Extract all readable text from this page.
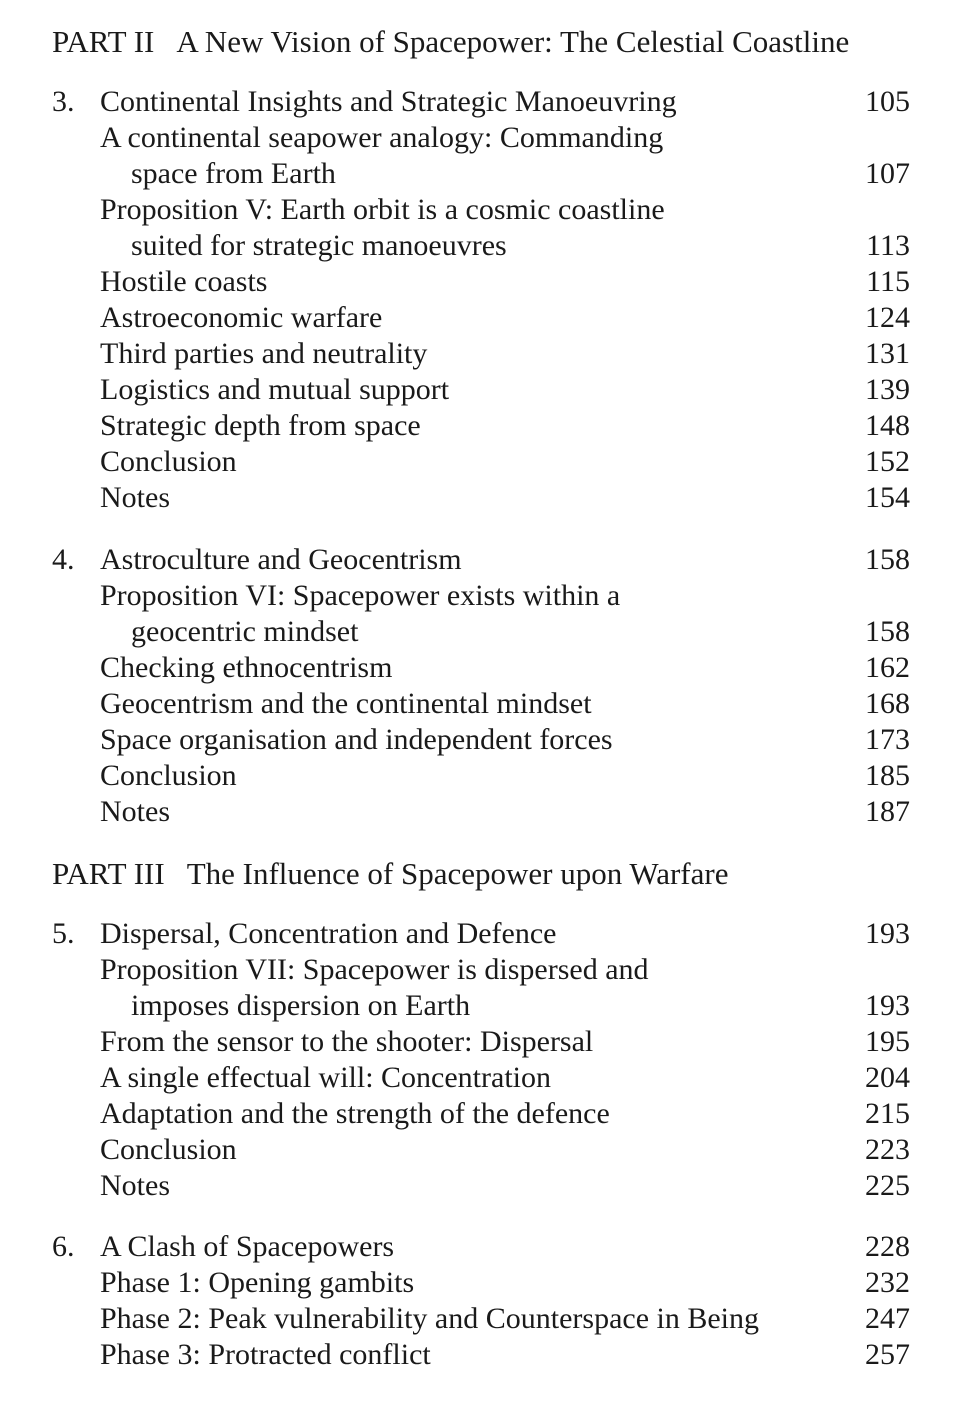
PART II A New Vision of Spacepower: The Celestial Coastline
3. Continental Insights and Strategic Manoeuvring	105
A continental seapower analogy: Commanding
space from Earth	107
Proposition V: Earth orbit is a cosmic coastline
suited for strategic manoeuvres	113
Hostile coasts	115
Astroeconomic warfare	124
Third parties and neutrality	131
Logistics and mutual support	139
Strategic depth from space	148
Conclusion	152
Notes	154
4. Astroculture and Geocentrism	158
Proposition VI: Spacepower exists within a
geocentric mindset	158
Checking ethnocentrism	162
Geocentrism and the continental mindset	168
Space organisation and independent forces	173
Conclusion	185
Notes	187
PART III The Influence of Spacepower upon Warfare
5. Dispersal, Concentration and Defence	193
Proposition VII: Spacepower is dispersed and
imposes dispersion on Earth	193
From the sensor to the shooter: Dispersal	195
A single effectual will: Concentration	204
Adaptation and the strength of the defence	215
Conclusion	223
Notes	225
6. A Clash of Spacepowers	228
Phase 1: Opening gambits	232
Phase 2: Peak vulnerability and Counterspace in Being	247
Phase 3: Protracted conflict	257
